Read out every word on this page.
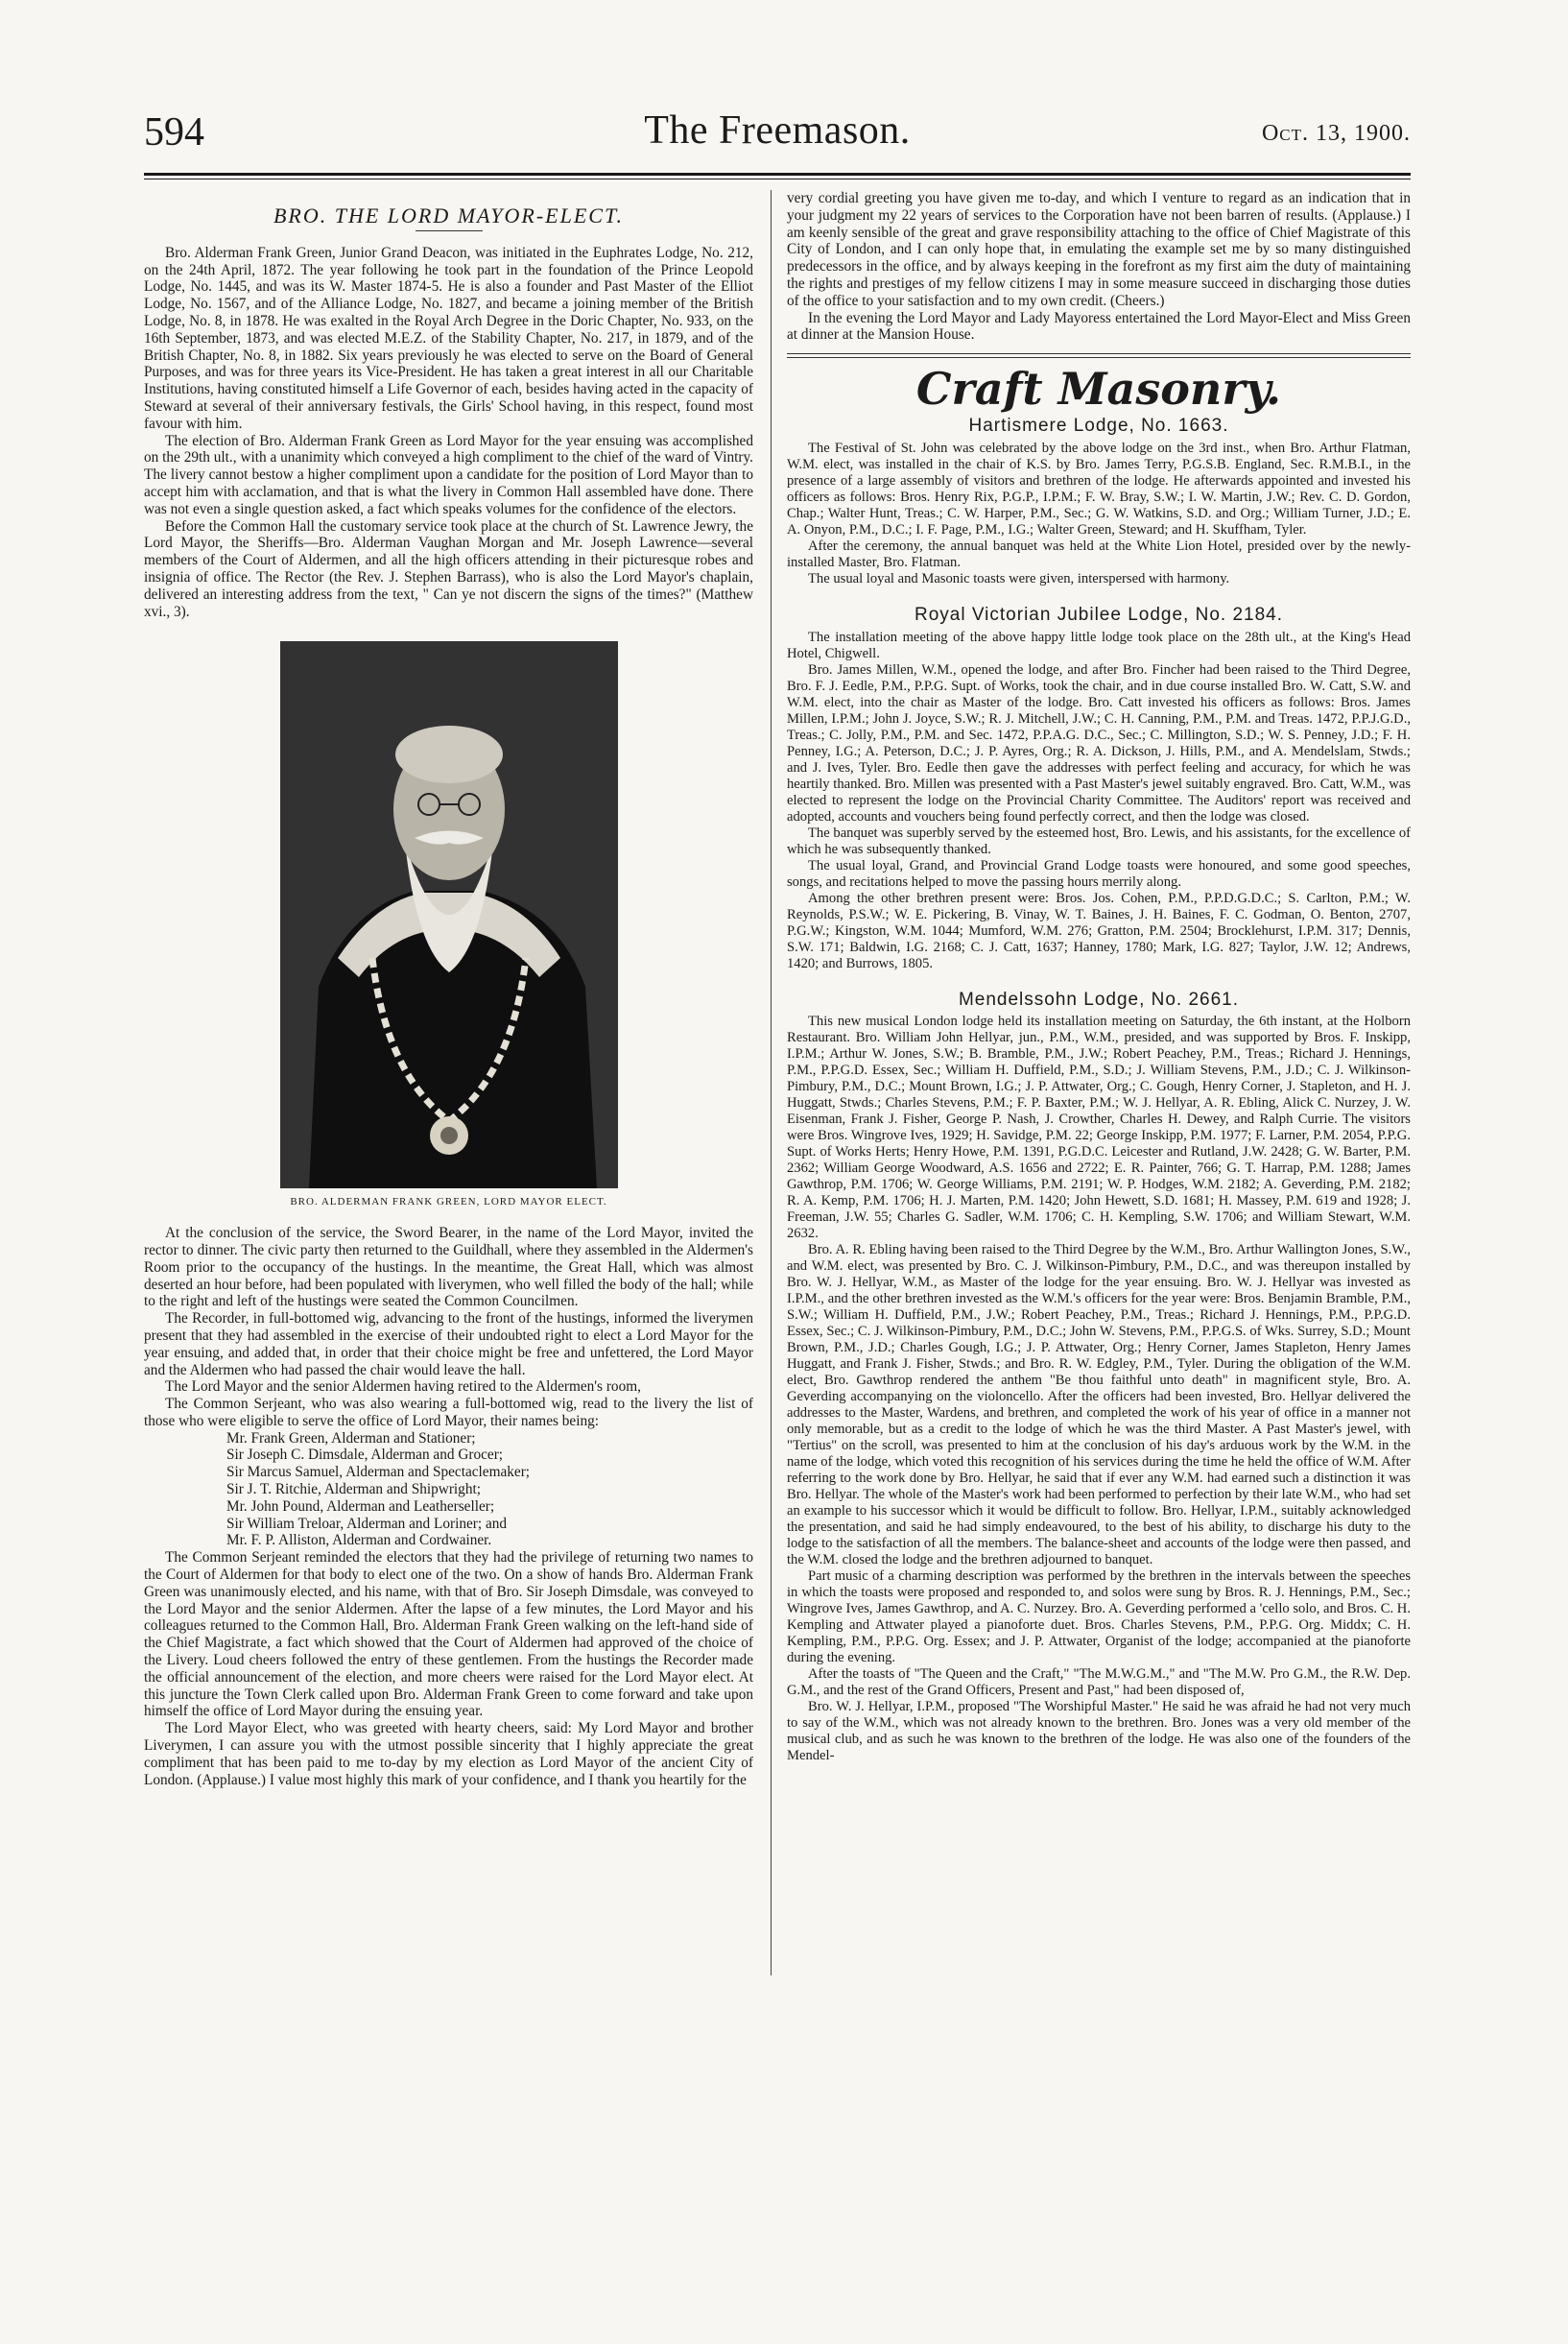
594	The Freemason.	Oct. 13, 1900.
BRO. THE LORD MAYOR-ELECT.

Bro. Alderman Frank Green, Junior Grand Deacon, was initiated in the Euphrates Lodge, No. 212, on the 24th April, 1872. The year following he took part in the foundation of the Prince Leopold Lodge, No. 1445, and was its W. Master 1874-5. He is also a founder and Past Master of the Elliot Lodge, No. 1567, and of the Alliance Lodge, No. 1827, and became a joining member of the British Lodge, No. 8, in 1878. He was exalted in the Royal Arch Degree in the Doric Chapter, No. 933, on the 16th September, 1873, and was elected M.E.Z. of the Stability Chapter, No. 217, in 1879, and of the British Chapter, No. 8, in 1882. Six years previously he was elected to serve on the Board of General Purposes, and was for three years its Vice-President. He has taken a great interest in all our Charitable Institutions, having constituted himself a Life Governor of each, besides having acted in the capacity of Steward at several of their anniversary festivals, the Girls' School having, in this respect, found most favour with him.

The election of Bro. Alderman Frank Green as Lord Mayor for the year ensuing was accomplished on the 29th ult., with a unanimity which conveyed a high compliment to the chief of the ward of Vintry. The livery cannot bestow a higher compliment upon a candidate for the position of Lord Mayor than to accept him with acclamation, and that is what the livery in Common Hall assembled have done. There was not even a single question asked, a fact which speaks volumes for the confidence of the electors.

Before the Common Hall the customary service took place at the church of St. Lawrence Jewry, the Lord Mayor, the Sheriffs—Bro. Alderman Vaughan Morgan and Mr. Joseph Lawrence—several members of the Court of Aldermen, and all the high officers attending in their picturesque robes and insignia of office. The Rector (the Rev. J. Stephen Barrass), who is also the Lord Mayor's chaplain, delivered an interesting address from the text, " Can ye not discern the signs of the times?" (Matthew xvi., 3).

BRO. ALDERMAN FRANK GREEN, LORD MAYOR ELECT.

At the conclusion of the service, the Sword Bearer, in the name of the Lord Mayor, invited the rector to dinner. The civic party then returned to the Guildhall, where they assembled in the Aldermen's Room prior to the occupancy of the hustings. In the meantime, the Great Hall, which was almost deserted an hour before, had been populated with liverymen, who well filled the body of the hall; while to the right and left of the hustings were seated the Common Councilmen.

The Recorder, in full-bottomed wig, advancing to the front of the hustings, informed the liverymen present that they had assembled in the exercise of their undoubted right to elect a Lord Mayor for the year ensuing, and added that, in order that their choice might be free and unfettered, the Lord Mayor and the Aldermen who had passed the chair would leave the hall.

The Lord Mayor and the senior Aldermen having retired to the Aldermen's room,

The Common Serjeant, who was also wearing a full-bottomed wig, read to the livery the list of those who were eligible to serve the office of Lord Mayor, their names being:

Mr. Frank Green, Alderman and Stationer;
Sir Joseph C. Dimsdale, Alderman and Grocer;
Sir Marcus Samuel, Alderman and Spectaclemaker;
Sir J. T. Ritchie, Alderman and Shipwright;
Mr. John Pound, Alderman and Leatherseller;
Sir William Treloar, Alderman and Loriner; and
Mr. F. P. Alliston, Alderman and Cordwainer.

The Common Serjeant reminded the electors that they had the privilege of returning two names to the Court of Aldermen for that body to elect one of the two. On a show of hands Bro. Alderman Frank Green was unanimously elected, and his name, with that of Bro. Sir Joseph Dimsdale, was conveyed to the Lord Mayor and the senior Aldermen. After the lapse of a few minutes, the Lord Mayor and his colleagues returned to the Common Hall, Bro. Alderman Frank Green walking on the left-hand side of the Chief Magistrate, a fact which showed that the Court of Aldermen had approved of the choice of the Livery. Loud cheers followed the entry of these gentlemen. From the hustings the Recorder made the official announcement of the election, and more cheers were raised for the Lord Mayor elect. At this juncture the Town Clerk called upon Bro. Alderman Frank Green to come forward and take upon himself the office of Lord Mayor during the ensuing year.

The Lord Mayor Elect, who was greeted with hearty cheers, said: My Lord Mayor and brother Liverymen, I can assure you with the utmost possible sincerity that I highly appreciate the great compliment that has been paid to me to-day by my election as Lord Mayor of the ancient City of London. (Applause.) I value most highly this mark of your confidence, and I thank you heartily for the

very cordial greeting you have given me to-day, and which I venture to regard as an indication that in your judgment my 22 years of services to the Corporation have not been barren of results. (Applause.) I am keenly sensible of the great and grave responsibility attaching to the office of Chief Magistrate of this City of London, and I can only hope that, in emulating the example set me by so many distinguished predecessors in the office, and by always keeping in the forefront as my first aim the duty of maintaining the rights and prestiges of my fellow citizens I may in some measure succeed in discharging those duties of the office to your satisfaction and to my own credit. (Cheers.)

In the evening the Lord Mayor and Lady Mayoress entertained the Lord Mayor-Elect and Miss Green at dinner at the Mansion House.

Craft Masonry.
Hartismere Lodge, No. 1663.

The Festival of St. John was celebrated by the above lodge on the 3rd inst., when Bro. Arthur Flatman, W.M. elect, was installed in the chair of K.S. by Bro. James Terry, P.G.S.B. England, Sec. R.M.B.I., in the presence of a large assembly of visitors and brethren of the lodge. He afterwards appointed and invested his officers as follows: Bros. Henry Rix, P.G.P., I.P.M.; F. W. Bray, S.W.; I. W. Martin, J.W.; Rev. C. D. Gordon, Chap.; Walter Hunt, Treas.; C. W. Harper, P.M., Sec.; G. W. Watkins, S.D. and Org.; William Turner, J.D.; E. A. Onyon, P.M., D.C.; I. F. Page, P.M., I.G.; Walter Green, Steward; and H. Skuffham, Tyler.

After the ceremony, the annual banquet was held at the White Lion Hotel, presided over by the newly-installed Master, Bro. Flatman.

The usual loyal and Masonic toasts were given, interspersed with harmony.

Royal Victorian Jubilee Lodge, No. 2184.

The installation meeting of the above happy little lodge took place on the 28th ult., at the King's Head Hotel, Chigwell.

Bro. James Millen, W.M., opened the lodge, and after Bro. Fincher had been raised to the Third Degree, Bro. F. J. Eedle, P.M., P.P.G. Supt. of Works, took the chair, and in due course installed Bro. W. Catt, S.W. and W.M. elect, into the chair as Master of the lodge. Bro. Catt invested his officers as follows: Bros. James Millen, I.P.M.; John J. Joyce, S.W.; R. J. Mitchell, J.W.; C. H. Canning, P.M., P.M. and Treas. 1472, P.P.J.G.D., Treas.; C. Jolly, P.M., P.M. and Sec. 1472, P.P.A.G. D.C., Sec.; C. Millington, S.D.; W. S. Penney, J.D.; F. H. Penney, I.G.; A. Peterson, D.C.; J. P. Ayres, Org.; R. A. Dickson, J. Hills, P.M., and A. Mendelslam, Stwds.; and J. Ives, Tyler. Bro. Eedle then gave the addresses with perfect feeling and accuracy, for which he was heartily thanked. Bro. Millen was presented with a Past Master's jewel suitably engraved. Bro. Catt, W.M., was elected to represent the lodge on the Provincial Charity Committee. The Auditors' report was received and adopted, accounts and vouchers being found perfectly correct, and then the lodge was closed.

The banquet was superbly served by the esteemed host, Bro. Lewis, and his assistants, for the excellence of which he was subsequently thanked.

The usual loyal, Grand, and Provincial Grand Lodge toasts were honoured, and some good speeches, songs, and recitations helped to move the passing hours merrily along.

Among the other brethren present were: Bros. Jos. Cohen, P.M., P.P.D.G.D.C.; S. Carlton, P.M.; W. Reynolds, P.S.W.; W. E. Pickering, B. Vinay, W. T. Baines, J. H. Baines, F. C. Godman, O. Benton, 2707, P.G.W.; Kingston, W.M. 1044; Mumford, W.M. 276; Gratton, P.M. 2504; Brocklehurst, I.P.M. 317; Dennis, S.W. 171; Baldwin, I.G. 2168; C. J. Catt, 1637; Hanney, 1780; Mark, I.G. 827; Taylor, J.W. 12; Andrews, 1420; and Burrows, 1805.

Mendelssohn Lodge, No. 2661.

This new musical London lodge held its installation meeting on Saturday, the 6th instant, at the Holborn Restaurant. Bro. William John Hellyar, jun., P.M., W.M., presided, and was supported by Bros. F. Inskipp, I.P.M.; Arthur W. Jones, S.W.; B. Bramble, P.M., J.W.; Robert Peachey, P.M., Treas.; Richard J. Hennings, P.M., P.P.G.D. Essex, Sec.; William H. Duffield, P.M., S.D.; J. William Stevens, P.M., J.D.; C. J. Wilkinson-Pimbury, P.M., D.C.; Mount Brown, I.G.; J. P. Attwater, Org.; C. Gough, Henry Corner, J. Stapleton, and H. J. Huggatt, Stwds.; Charles Stevens, P.M.; F. P. Baxter, P.M.; W. J. Hellyar, A. R. Ebling, Alick C. Nurzey, J. W. Eisenman, Frank J. Fisher, George P. Nash, J. Crowther, Charles H. Dewey, and Ralph Currie. The visitors were Bros. Wingrove Ives, 1929; H. Savidge, P.M. 22; George Inskipp, P.M. 1977; F. Larner, P.M. 2054, P.P.G. Supt. of Works Herts; Henry Howe, P.M. 1391, P.G.D.C. Leicester and Rutland, J.W. 2428; G. W. Barter, P.M. 2362; William George Woodward, A.S. 1656 and 2722; E. R. Painter, 766; G. T. Harrap, P.M. 1288; James Gawthrop, P.M. 1706; W. George Williams, P.M. 2191; W. P. Hodges, W.M. 2182; A. Geverding, P.M. 2182; R. A. Kemp, P.M. 1706; H. J. Marten, P.M. 1420; John Hewett, S.D. 1681; H. Massey, P.M. 619 and 1928; J. Freeman, J.W. 55; Charles G. Sadler, W.M. 1706; C. H. Kempling, S.W. 1706; and William Stewart, W.M. 2632.

Bro. A. R. Ebling having been raised to the Third Degree by the W.M., Bro. Arthur Wallington Jones, S.W., and W.M. elect, was presented by Bro. C. J. Wilkinson-Pimbury, P.M., D.C., and was thereupon installed by Bro. W. J. Hellyar, W.M., as Master of the lodge for the year ensuing. Bro. W. J. Hellyar was invested as I.P.M., and the other brethren invested as the W.M.'s officers for the year were: Bros. Benjamin Bramble, P.M., S.W.; William H. Duffield, P.M., J.W.; Robert Peachey, P.M., Treas.; Richard J. Hennings, P.M., P.P.G.D. Essex, Sec.; C. J. Wilkinson-Pimbury, P.M., D.C.; John W. Stevens, P.M., P.P.G.S. of Wks. Surrey, S.D.; Mount Brown, P.M., J.D.; Charles Gough, I.G.; J. P. Attwater, Org.; Henry Corner, James Stapleton, Henry James Huggatt, and Frank J. Fisher, Stwds.; and Bro. R. W. Edgley, P.M., Tyler. During the obligation of the W.M. elect, Bro. Gawthrop rendered the anthem "Be thou faithful unto death" in magnificent style, Bro. A. Geverding accompanying on the violoncello. After the officers had been invested, Bro. Hellyar delivered the addresses to the Master, Wardens, and brethren, and completed the work of his year of office in a manner not only memorable, but as a credit to the lodge of which he was the third Master. A Past Master's jewel, with "Tertius" on the scroll, was presented to him at the conclusion of his day's arduous work by the W.M. in the name of the lodge, which voted this recognition of his services during the time he held the office of W.M. After referring to the work done by Bro. Hellyar, he said that if ever any W.M. had earned such a distinction it was Bro. Hellyar. The whole of the Master's work had been performed to perfection by their late W.M., who had set an example to his successor which it would be difficult to follow. Bro. Hellyar, I.P.M., suitably acknowledged the presentation, and said he had simply endeavoured, to the best of his ability, to discharge his duty to the lodge to the satisfaction of all the members. The balance-sheet and accounts of the lodge were then passed, and the W.M. closed the lodge and the brethren adjourned to banquet.

Part music of a charming description was performed by the brethren in the intervals between the speeches in which the toasts were proposed and responded to, and solos were sung by Bros. R. J. Hennings, P.M., Sec.; Wingrove Ives, James Gawthrop, and A. C. Nurzey. Bro. A. Geverding performed a 'cello solo, and Bros. C. H. Kempling and Attwater played a pianoforte duet. Bros. Charles Stevens, P.M., P.P.G. Org. Middx; C. H. Kempling, P.M., P.P.G. Org. Essex; and J. P. Attwater, Organist of the lodge; accompanied at the pianoforte during the evening.

After the toasts of "The Queen and the Craft," "The M.W.G.M.," and "The M.W. Pro G.M., the R.W. Dep. G.M., and the rest of the Grand Officers, Present and Past," had been disposed of,

Bro. W. J. Hellyar, I.P.M., proposed "The Worshipful Master." He said he was afraid he had not very much to say of the W.M., which was not already known to the brethren. Bro. Jones was a very old member of the musical club, and as such he was known to the brethren of the lodge. He was also one of the founders of the Mendel-
